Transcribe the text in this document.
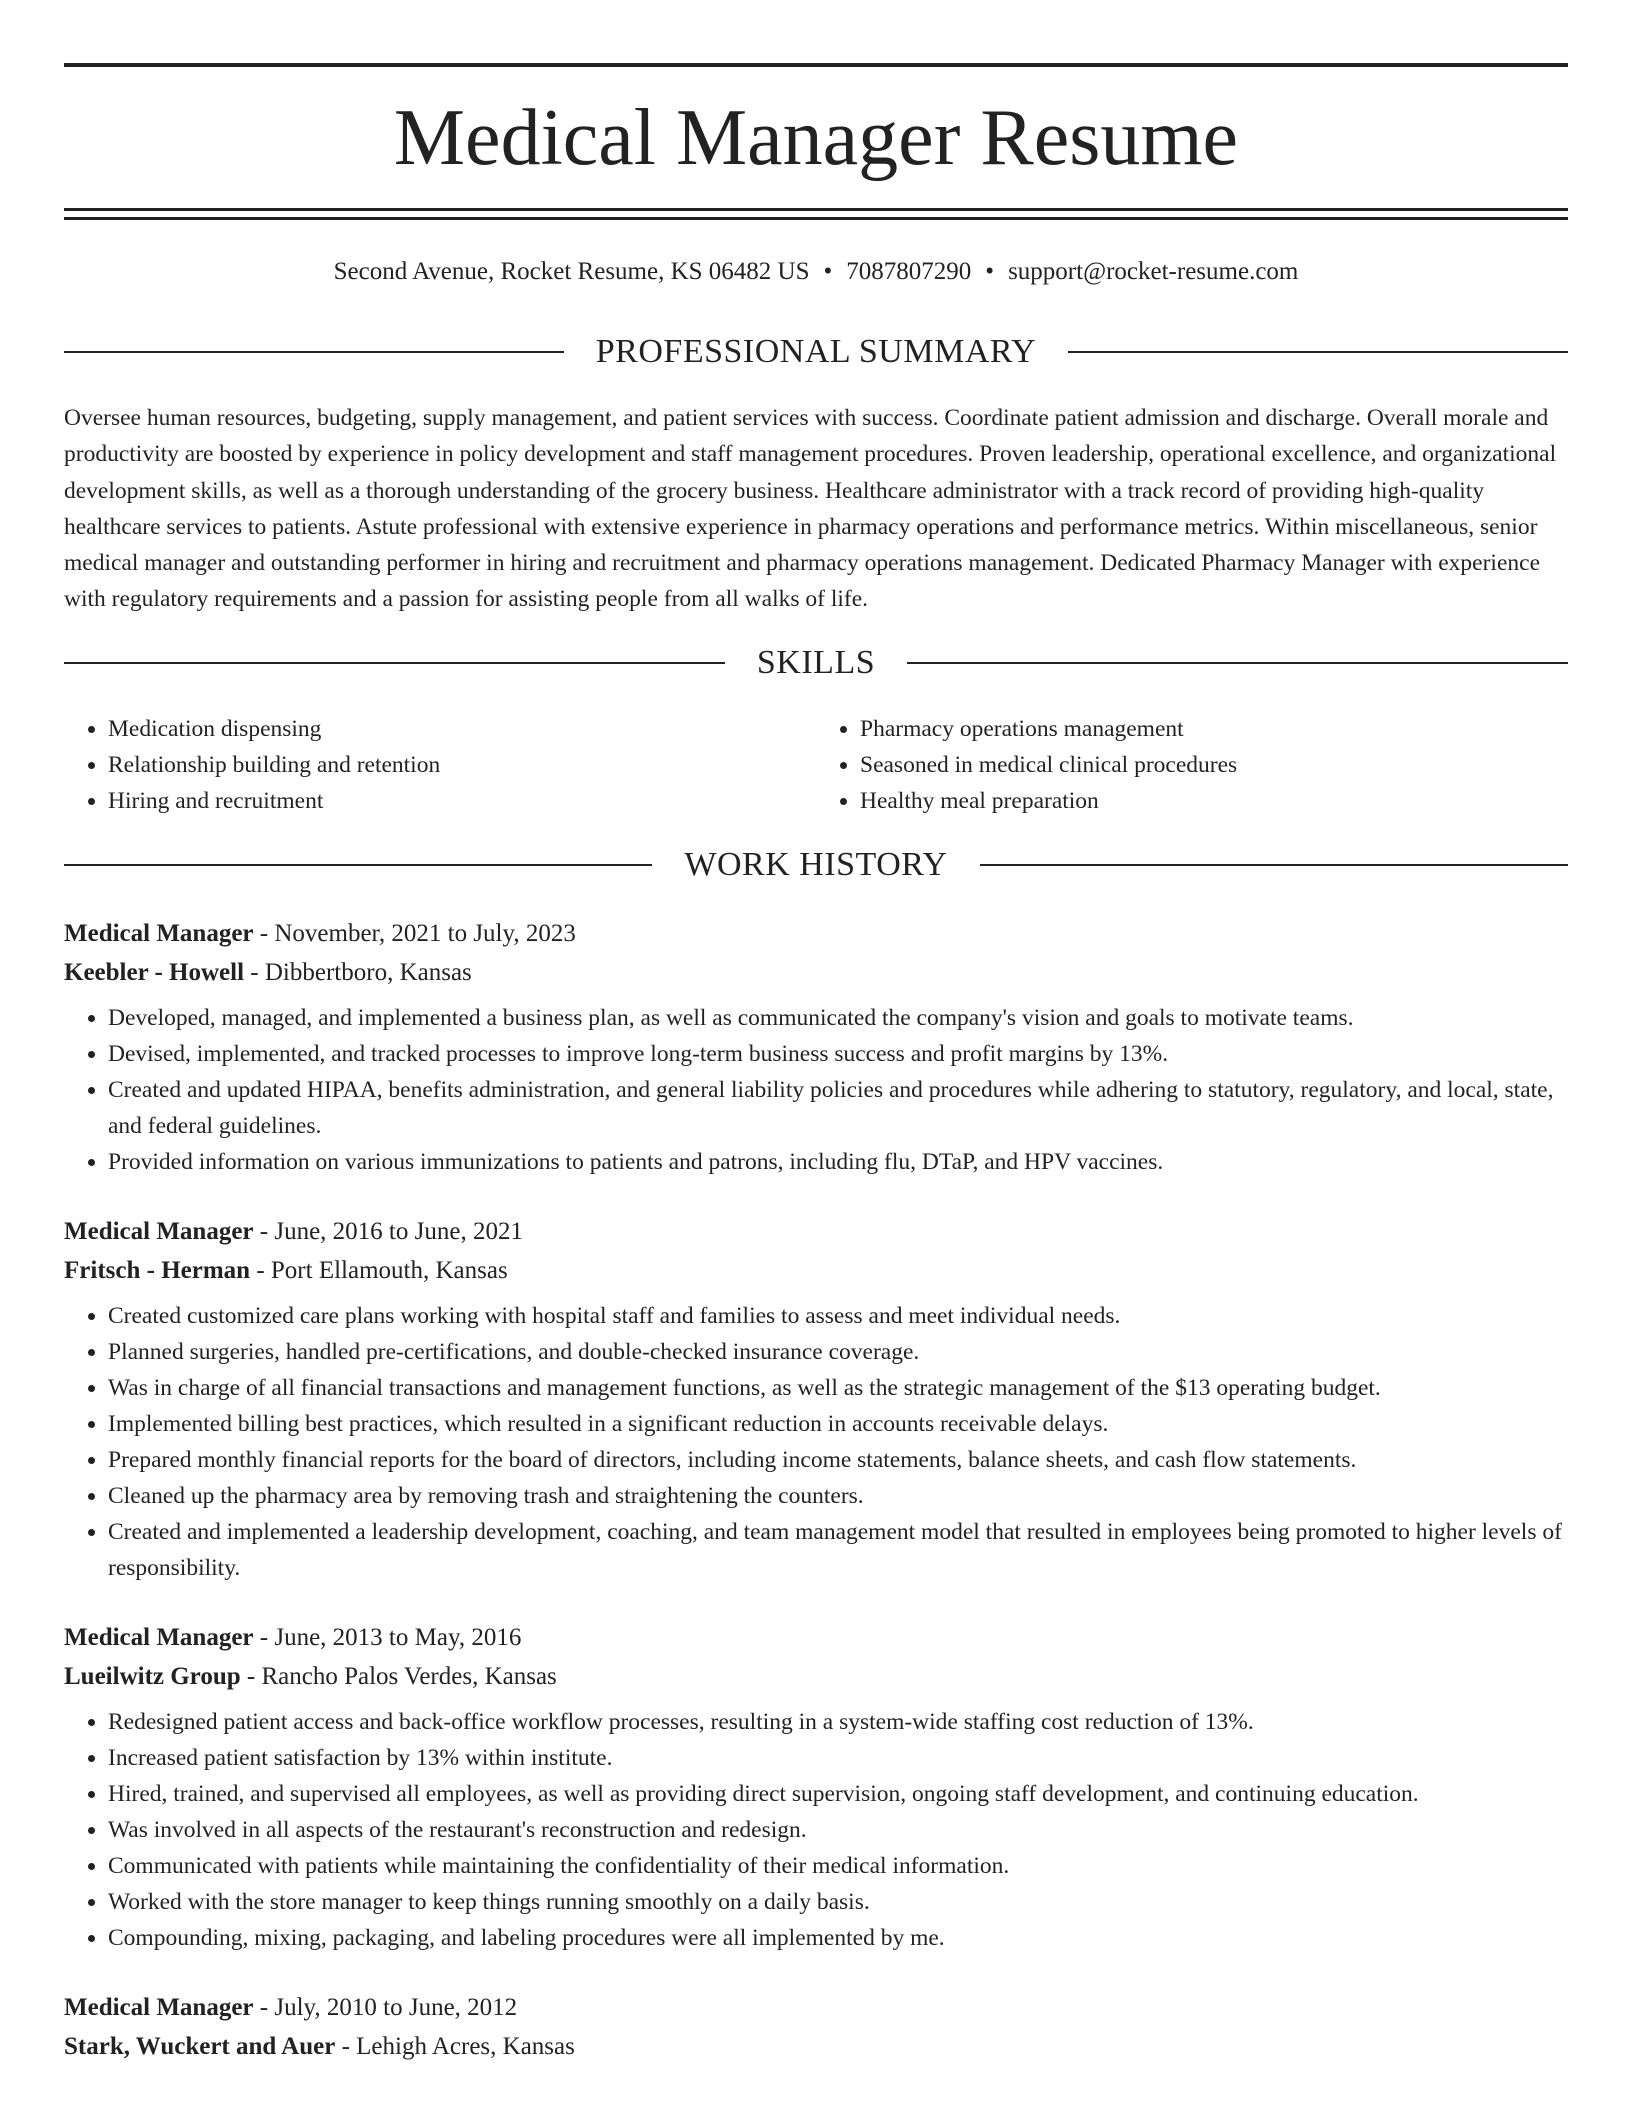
Medical Manager Resume
Second Avenue, Rocket Resume, KS 06482 US • 7087807290 • support@rocket-resume.com
PROFESSIONAL SUMMARY

Oversee human resources, budgeting, supply management, and patient services with success. Coordinate patient admission and discharge. Overall morale and productivity are boosted by experience in policy development and staff management procedures. Proven leadership, operational excellence, and organizational development skills, as well as a thorough understanding of the grocery business. Healthcare administrator with a track record of providing high-quality healthcare services to patients. Astute professional with extensive experience in pharmacy operations and performance metrics. Within miscellaneous, senior medical manager and outstanding performer in hiring and recruitment and pharmacy operations management. Dedicated Pharmacy Manager with experience with regulatory requirements and a passion for assisting people from all walks of life.

SKILLS
• Medication dispensing
• Relationship building and retention
• Hiring and recruitment
• Pharmacy operations management
• Seasoned in medical clinical procedures
• Healthy meal preparation
WORK HISTORY

Medical Manager - November, 2021 to July, 2023

Keebler - Howell - Dibbertboro, Kansas

• Developed, managed, and implemented a business plan, as well as communicated the company's vision and goals to motivate teams.
• Devised, implemented, and tracked processes to improve long-term business success and profit margins by 13%.
• Created and updated HIPAA, benefits administration, and general liability policies and procedures while adhering to statutory, regulatory, and local, state, and federal guidelines.
• Provided information on various immunizations to patients and patrons, including flu, DTaP, and HPV vaccines.

Medical Manager - June, 2016 to June, 2021

Fritsch - Herman - Port Ellamouth, Kansas

• Created customized care plans working with hospital staff and families to assess and meet individual needs.
• Planned surgeries, handled pre-certifications, and double-checked insurance coverage.
• Was in charge of all financial transactions and management functions, as well as the strategic management of the $13 operating budget.
• Implemented billing best practices, which resulted in a significant reduction in accounts receivable delays.
• Prepared monthly financial reports for the board of directors, including income statements, balance sheets, and cash flow statements.
• Cleaned up the pharmacy area by removing trash and straightening the counters.
• Created and implemented a leadership development, coaching, and team management model that resulted in employees being promoted to higher levels of responsibility.

Medical Manager - June, 2013 to May, 2016

Lueilwitz Group - Rancho Palos Verdes, Kansas

• Redesigned patient access and back-office workflow processes, resulting in a system-wide staffing cost reduction of 13%.
• Increased patient satisfaction by 13% within institute.
• Hired, trained, and supervised all employees, as well as providing direct supervision, ongoing staff development, and continuing education.
• Was involved in all aspects of the restaurant's reconstruction and redesign.
• Communicated with patients while maintaining the confidentiality of their medical information.
• Worked with the store manager to keep things running smoothly on a daily basis.
• Compounding, mixing, packaging, and labeling procedures were all implemented by me.

Medical Manager - July, 2010 to June, 2012

Stark, Wuckert and Auer - Lehigh Acres, Kansas
